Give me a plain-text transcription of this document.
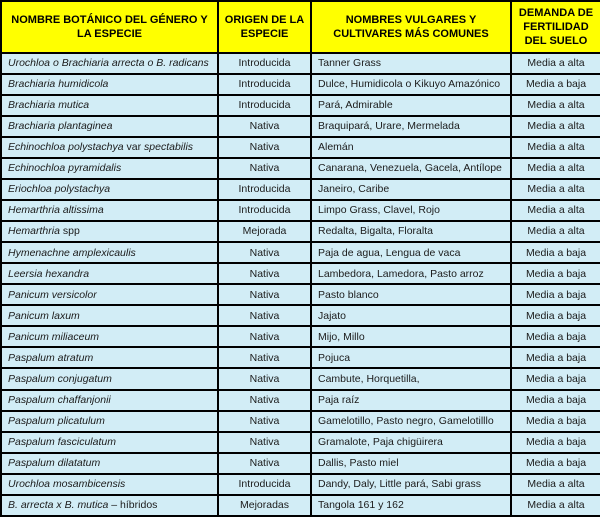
NOMBRE BOTÁNICO DEL GÉNERO Y LA ESPECIE	ORIGEN DE LA ESPECIE	NOMBRES VULGARES Y CULTIVARES MÁS COMUNES	DEMANDA DE FERTILIDAD DEL SUELO
Urochloa o Brachiaria arrecta o B. radicans	Introducida	Tanner Grass	Media a alta
Brachiaria humidicola	Introducida	Dulce, Humidicola o Kikuyo Amazónico	Media a baja
Brachiaria mutica	Introducida	Pará, Admirable	Media a alta
Brachiaria plantaginea	Nativa	Braquipará, Urare, Mermelada	Media a alta
Echinochloa polystachya var spectabilis	Nativa	Alemán	Media a alta
Echinochloa pyramidalis	Nativa	Canarana, Venezuela, Gacela, Antílope	Media a alta
Eriochloa polystachya	Introducida	Janeiro, Caribe	Media a alta
Hemarthria altissima	Introducida	Limpo Grass, Clavel, Rojo	Media a alta
Hemarthria spp	Mejorada	Redalta, Bigalta, Floralta	Media a alta
Hymenachne amplexicaulis	Nativa	Paja de agua, Lengua de vaca	Media a baja
Leersia hexandra	Nativa	Lambedora, Lamedora, Pasto arroz	Media a baja
Panicum versicolor	Nativa	Pasto blanco	Media a baja
Panicum laxum	Nativa	Jajato	Media a baja
Panicum miliaceum	Nativa	Mijo, Millo	Media a baja
Paspalum atratum	Nativa	Pojuca	Media a baja
Paspalum conjugatum	Nativa	Cambute, Horquetilla,	Media a baja
Paspalum chaffanjonii	Nativa	Paja raíz	Media a baja
Paspalum plicatulum	Nativa	Gamelotillo, Pasto negro, Gamelotilllo	Media a baja
Paspalum fasciculatum	Nativa	Gramalote, Paja chigüirera	Media a baja
Paspalum dilatatum	Nativa	Dallis, Pasto miel	Media a baja
Urochloa mosambicensis	Introducida	Dandy, Daly, Little pará, Sabi grass	Media a alta
B. arrecta x B. mutica – híbridos	Mejoradas	Tangola 161 y 162	Media a alta
